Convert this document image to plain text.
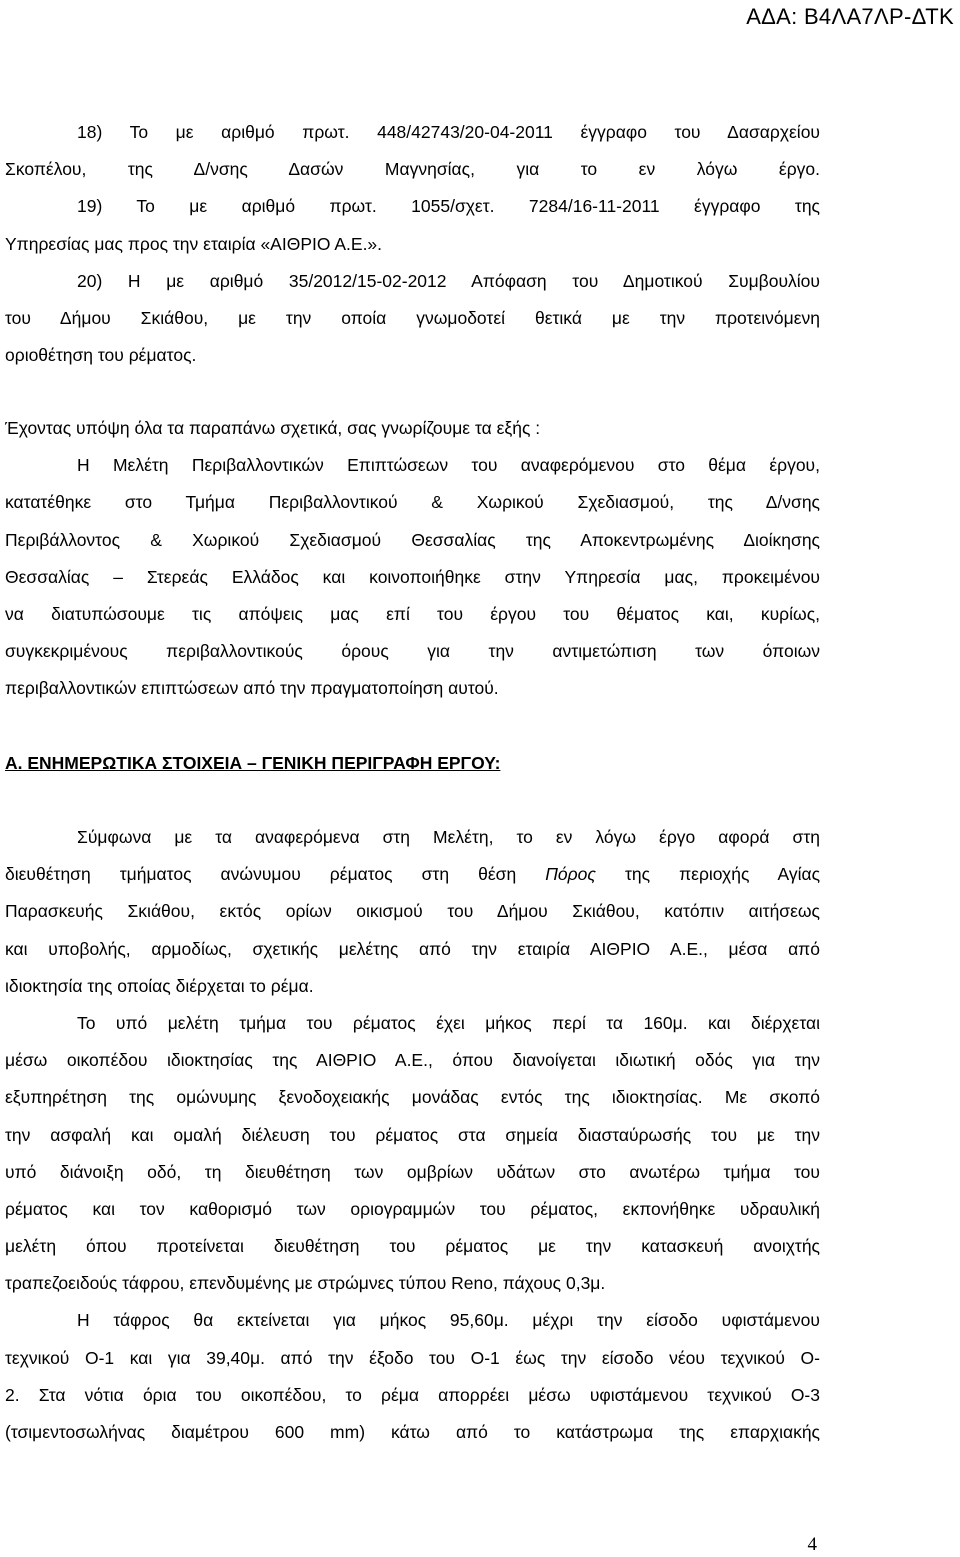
ΑΔΑ: Β4ΛΑ7ΛΡ-ΔΤΚ
18) Το με αριθμό πρωτ. 448/42743/20-04-2011 έγγραφο του Δασαρχείου
Σκοπέλου, της Δ/νσης Δασών Μαγνησίας, για το εν λόγω έργο.
19) Το με αριθμό πρωτ. 1055/σχετ. 7284/16-11-2011 έγγραφο της
Υπηρεσίας μας προς την εταιρία «ΑΙΘΡΙΟ Α.Ε.».
20) Η με αριθμό 35/2012/15-02-2012 Απόφαση του Δημοτικού Συμβουλίου
του Δήμου Σκιάθου, με την οποία γνωμοδοτεί θετικά με την προτεινόμενη
οριοθέτηση του ρέματος.
Έχοντας υπόψη όλα τα παραπάνω σχετικά, σας γνωρίζουμε τα εξής :
Η Μελέτη Περιβαλλοντικών Επιπτώσεων του αναφερόμενου στο θέμα έργου,
κατατέθηκε στο Τμήμα Περιβαλλοντικού & Χωρικού Σχεδιασμού, της Δ/νσης
Περιβάλλοντος & Χωρικού Σχεδιασμού Θεσσαλίας της Αποκεντρωμένης Διοίκησης
Θεσσαλίας – Στερεάς Ελλάδος και κοινοποιήθηκε στην Υπηρεσία μας, προκειμένου
να διατυπώσουμε τις απόψεις μας επί του έργου του θέματος και, κυρίως,
συγκεκριμένους περιβαλλοντικούς όρους για την αντιμετώπιση των όποιων
περιβαλλοντικών επιπτώσεων από την πραγματοποίηση αυτού.
Α. ΕΝΗΜΕΡΩΤΙΚΑ ΣΤΟΙΧΕΙΑ – ΓΕΝΙΚΗ ΠΕΡΙΓΡΑΦΗ ΕΡΓΟΥ:
Σύμφωνα με τα αναφερόμενα στη Μελέτη, το εν λόγω έργο αφορά στη
διευθέτηση τμήματος ανώνυμου ρέματος στη θέση Πόρος της περιοχής Αγίας
Παρασκευής Σκιάθου, εκτός ορίων οικισμού του Δήμου Σκιάθου, κατόπιν αιτήσεως
και υποβολής, αρμοδίως, σχετικής μελέτης από την εταιρία ΑΙΘΡΙΟ Α.Ε., μέσα από
ιδιοκτησία της οποίας διέρχεται το ρέμα.
Το υπό μελέτη τμήμα του ρέματος έχει μήκος περί τα 160μ. και διέρχεται
μέσω οικοπέδου ιδιοκτησίας της ΑΙΘΡΙΟ Α.Ε., όπου διανοίγεται ιδιωτική οδός για την
εξυπηρέτηση της ομώνυμης ξενοδοχειακής μονάδας εντός της ιδιοκτησίας. Με σκοπό
την ασφαλή και ομαλή διέλευση του ρέματος στα σημεία διασταύρωσής του με την
υπό διάνοιξη οδό, τη διευθέτηση των ομβρίων υδάτων στο ανωτέρω τμήμα του
ρέματος και τον καθορισμό των οριογραμμών του ρέματος, εκπονήθηκε υδραυλική
μελέτη όπου προτείνεται διευθέτηση του ρέματος με την κατασκευή ανοιχτής
τραπεζοειδούς τάφρου, επενδυμένης με στρώμνες τύπου Reno, πάχους 0,3μ.
Η τάφρος θα εκτείνεται για μήκος 95,60μ. μέχρι την είσοδο υφιστάμενου
τεχνικού Ο-1 και για 39,40μ. από την έξοδο του Ο-1 έως την είσοδο νέου τεχνικού Ο-
2. Στα νότια όρια του οικοπέδου, το ρέμα απορρέει μέσω υφιστάμενου τεχνικού Ο-3
(τσιμεντοσωλήνας διαμέτρου 600 mm) κάτω από το κατάστρωμα της επαρχιακής
4
